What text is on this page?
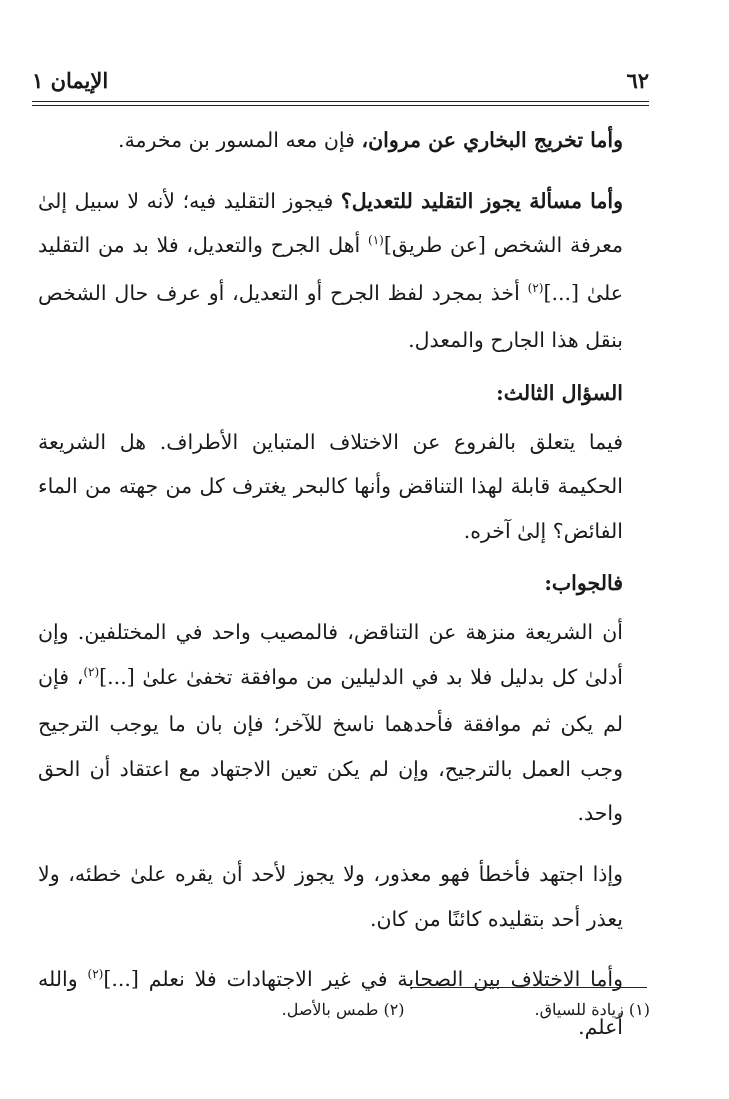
٦٢
الإيمان ١

وأما تخريج البخاري عن مروان، فإن معه المسور بن مخرمة.

وأما مسألة يجوز التقليد للتعديل؟ فيجوز التقليد فيه؛ لأنه لا سبيل إلىٰ معرفة الشخص [عن طريق]$^{(١)}$ أهل الجرح والتعديل، فلا بد من التقليد علىٰ [...]$^{(٢)}$ أخذ بمجرد لفظ الجرح أو التعديل، أو عرف حال الشخص بنقل هذا الجارح والمعدل.

السؤال الثالث:

فيما يتعلق بالفروع عن الاختلاف المتباين الأطراف. هل الشريعة الحكيمة قابلة لهذا التناقض وأنها كالبحر يغترف كل من جهته من الماء الفائض؟ إلىٰ آخره.

فالجواب:

أن الشريعة منزهة عن التناقض، فالمصيب واحد في المختلفين. وإن أدلىٰ كل بدليل فلا بد في الدليلين من موافقة تخفىٰ علىٰ [...]$^{(٢)}$، فإن لم يكن ثم موافقة فأحدهما ناسخ للآخر؛ فإن بان ما يوجب الترجيح وجب العمل بالترجيح، وإن لم يكن تعين الاجتهاد مع اعتقاد أن الحق واحد.

وإذا اجتهد فأخطأ فهو معذور، ولا يجوز لأحد أن يقره علىٰ خطئه، ولا يعذر أحد بتقليده كائنًا من كان.

وأما الاختلاف بين الصحابة في غير الاجتهادات فلا نعلم [...]$^{(٢)}$ والله أعلم.

(١) زيادة للسياق.
(٢) طمس بالأصل.
